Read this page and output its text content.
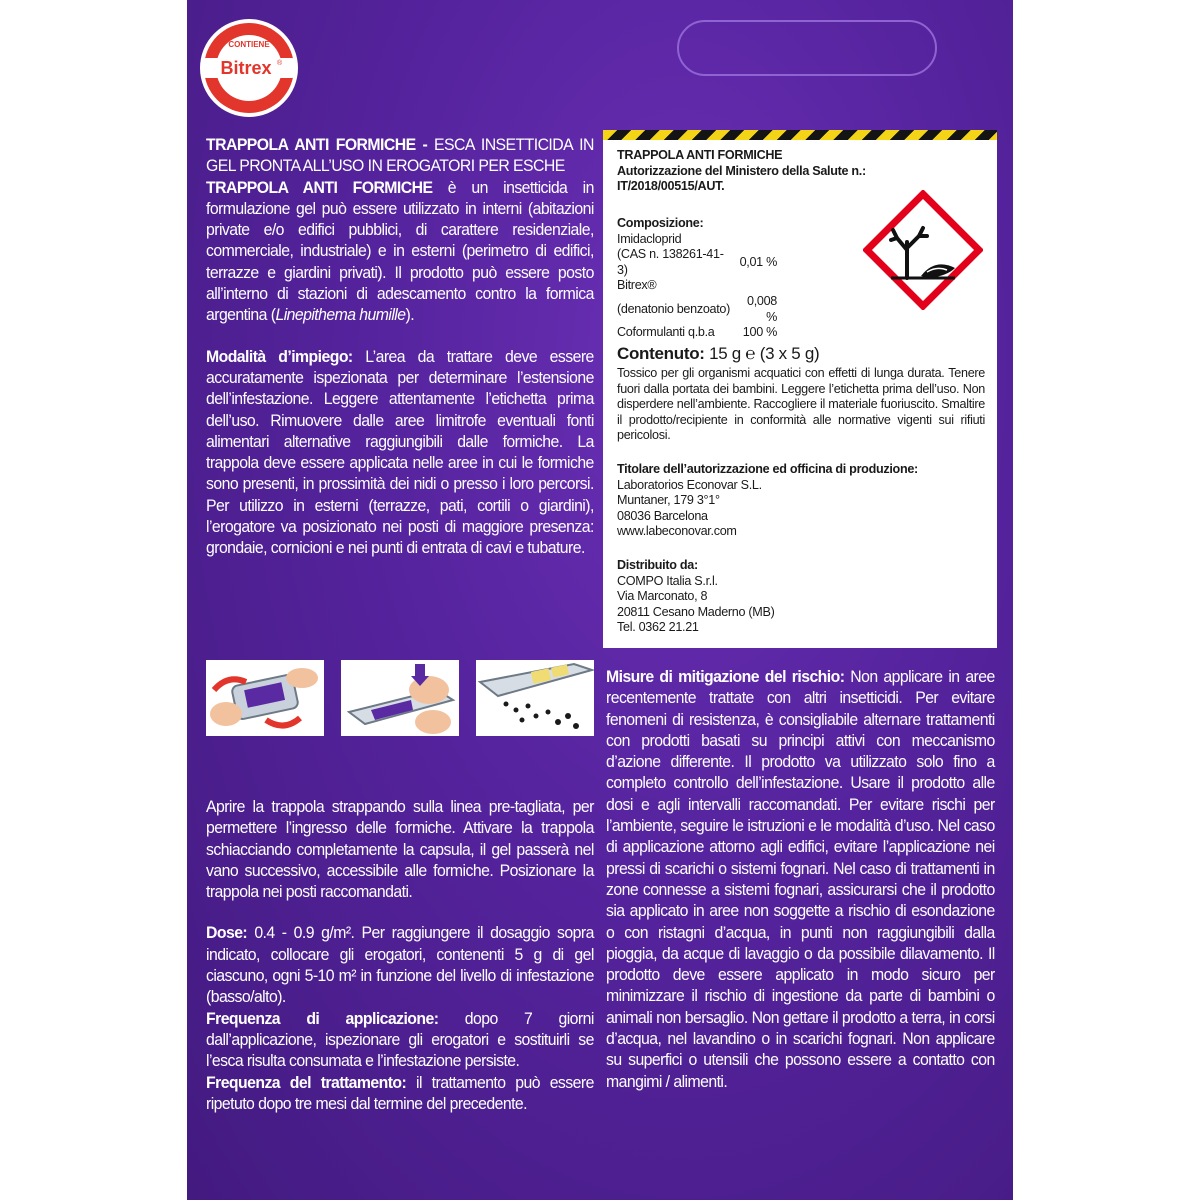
CONTIENE
Bitrex ®

TRAPPOLA ANTI FORMICHE - ESCA INSETTICIDA IN GEL PRONTA ALL’USO IN EROGATORI PER ESCHE
TRAPPOLA ANTI FORMICHE è un insetticida in formulazione gel può essere utilizzato in interni (abitazioni private e/o edifici pubblici, di carattere residenziale, commerciale, industriale) e in esterni (perimetro di edifici, terrazze e giardini privati). Il prodotto può essere posto all’interno di stazioni di adescamento contro la formica argentina (Linepithema humille).

Modalità d’impiego: L’area da trattare deve essere accuratamente ispezionata per determinare l’estensione dell’infestazione. Leggere attentamente l’etichetta prima dell’uso. Rimuovere dalle aree limitrofe eventuali fonti alimentari alternative raggiungibili dalle formiche. La trappola deve essere applicata nelle aree in cui le formiche sono presenti, in prossimità dei nidi o presso i loro percorsi. Per utilizzo in esterni (terrazze, pati, cortili o giardini), l’erogatore va posizionato nei posti di maggiore presenza: grondaie, cornicioni e nei punti di entrata di cavi e tubature.

Aprire la trappola strappando sulla linea pre-tagliata, per permettere l’ingresso delle formiche. Attivare la trappola schiacciando completamente la capsula, il gel passerà nel vano successivo, accessibile alle formiche. Posizionare la trappola nei posti raccomandati.

Dose: 0.4 - 0.9 g/m². Per raggiungere il dosaggio sopra indicato, collocare gli erogatori, contenenti 5 g di gel ciascuno, ogni 5-10 m² in funzione del livello di infestazione (basso/alto).

Frequenza di applicazione: dopo 7 giorni dall’applicazione, ispezionare gli erogatori e sostituirli se l’esca risulta consumata e l’infestazione persiste.

Frequenza del trattamento: il trattamento può essere ripetuto dopo tre mesi dal termine del precedente.

TRAPPOLA ANTI FORMICHE
Autorizzazione del Ministero della Salute n.: IT/2018/00515/AUT.
Composizione:
Imidacloprid	
(CAS n. 138261-41-3)	0,01 %
Bitrex®	
(denatonio benzoato)	0,008 %
Coformulanti q.b.a	100 %
Contenuto: 15 g ℮ (3 x 5 g)
Tossico per gli organismi acquatici con effetti di lunga durata. Tenere fuori dalla portata dei bambini. Leggere l’etichetta prima dell’uso. Non disperdere nell’ambiente. Raccogliere il materiale fuoriuscito. Smaltire il prodotto/recipiente in conformità alle normative vigenti sui rifiuti pericolosi.
Titolare dell’autorizzazione ed officina di produzione:
Laboratorios Econovar S.L.
Muntaner, 179 3°1°
08036 Barcelona
www.labeconovar.com
Distribuito da:
COMPO Italia S.r.l.
Via Marconato, 8
20811 Cesano Maderno (MB)
Tel. 0362 21.21

Misure di mitigazione del rischio: Non applicare in aree recentemente trattate con altri insetticidi. Per evitare fenomeni di resistenza, è consigliabile alternare trattamenti con prodotti basati su principi attivi con meccanismo d’azione differente. Il prodotto va utilizzato solo fino a completo controllo dell’infestazione. Usare il prodotto alle dosi e agli intervalli raccomandati. Per evitare rischi per l’ambiente, seguire le istruzioni e le modalità d’uso. Nel caso di applicazione attorno agli edifici, evitare l’applicazione nei pressi di scarichi o sistemi fognari. Nel caso di trattamenti in zone connesse a sistemi fognari, assicurarsi che il prodotto sia applicato in aree non soggette a rischio di esondazione o con ristagni d’acqua, in punti non raggiungibili dalla pioggia, da acque di lavaggio o da possibile dilavamento. Il prodotto deve essere applicato in modo sicuro per minimizzare il rischio di ingestione da parte di bambini o animali non bersaglio. Non gettare il prodotto a terra, in corsi d’acqua, nel lavandino o in scarichi fognari. Non applicare su superfici o utensili che possono essere a contatto con mangimi / alimenti.
